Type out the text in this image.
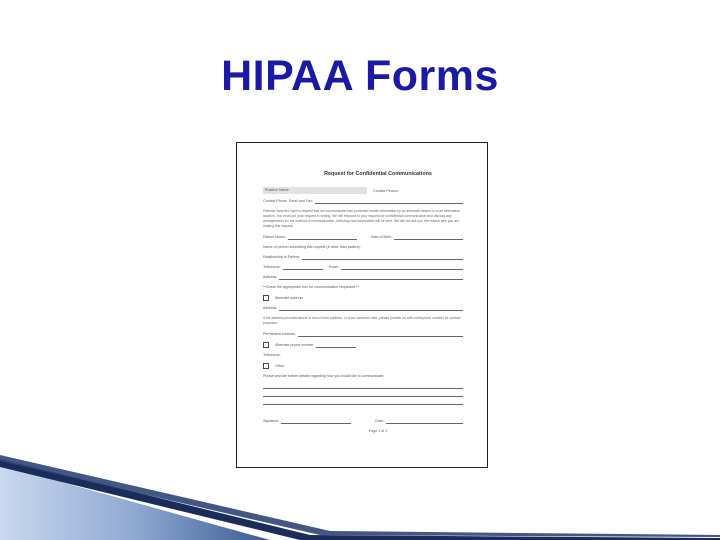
HIPAA Forms
Request for Confidential Communications
Practice Name:	Contact Person:
Contact Phone, Email and Fax:
Patients have the right to request that we communicate their protected health information by an alternate means or to an alternative location. You must put your request in writing. We will respond to your request for confidential communication and discuss any arrangements for the method of communication, including how information will be sent. We will not ask you the reason why you are making this request.
Patient Name:	Date of Birth:
Name of person submitting this request (if other than patient):
Relationship to Patient:
Telephone:	Email:
Address:
**Check the appropriate box for communication requested:**
Alternate address
Address:
If the address provided above is not a home address, or is for someone else, please provide us with a telephone number for contact purposes.
Permanent Address:
Alternate phone number
Telephone:
Other:
Please provide further details regarding how you would like to communicate:
Signature:	Date:
Page 1 of 1
